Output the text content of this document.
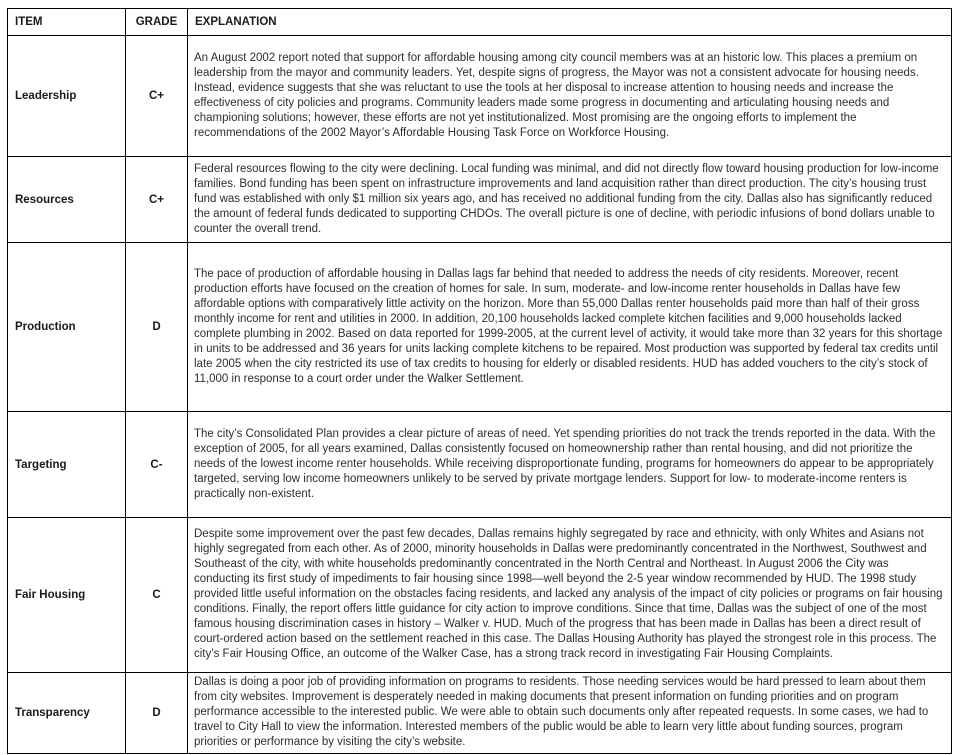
ITEM	GRADE	EXPLANATION
Leadership	C+	An August 2002 report noted that support for affordable housing among city council members was at an historic low. This places a premium on leadership from the mayor and community leaders. Yet, despite signs of progress, the Mayor was not a consistent advocate for housing needs. Instead, evidence suggests that she was reluctant to use the tools at her disposal to increase attention to housing needs and increase the effectiveness of city policies and programs. Community leaders made some progress in documenting and articulating housing needs and championing solutions; however, these efforts are not yet institutionalized. Most promising are the ongoing efforts to implement the recommendations of the 2002 Mayor’s Affordable Housing Task Force on Workforce Housing.
Resources	C+	Federal resources flowing to the city were declining. Local funding was minimal, and did not directly flow toward housing production for low-income families. Bond funding has been spent on infrastructure improvements and land acquisition rather than direct production. The city’s housing trust fund was established with only $1 million six years ago, and has received no additional funding from the city. Dallas also has significantly reduced the amount of federal funds dedicated to supporting CHDOs. The overall picture is one of decline, with periodic infusions of bond dollars unable to counter the overall trend.
Production	D	The pace of production of affordable housing in Dallas lags far behind that needed to address the needs of city residents. Moreover, recent production efforts have focused on the creation of homes for sale. In sum, moderate- and low-income renter households in Dallas have few affordable options with comparatively little activity on the horizon. More than 55,000 Dallas renter households paid more than half of their gross monthly income for rent and utilities in 2000. In addition, 20,100 households lacked complete kitchen facilities and 9,000 households lacked complete plumbing in 2002. Based on data reported for 1999-2005, at the current level of activity, it would take more than 32 years for this shortage in units to be addressed and 36 years for units lacking complete kitchens to be repaired. Most production was supported by federal tax credits until late 2005 when the city restricted its use of tax credits to housing for elderly or disabled residents. HUD has added vouchers to the city’s stock of 11,000 in response to a court order under the Walker Settlement.
Targeting	C-	The city’s Consolidated Plan provides a clear picture of areas of need. Yet spending priorities do not track the trends reported in the data. With the exception of 2005, for all years examined, Dallas consistently focused on homeownership rather than rental housing, and did not prioritize the needs of the lowest income renter households. While receiving disproportionate funding, programs for homeowners do appear to be appropriately targeted, serving low income homeowners unlikely to be served by private mortgage lenders. Support for low- to moderate-income renters is practically non-existent.
Fair Housing	C	Despite some improvement over the past few decades, Dallas remains highly segregated by race and ethnicity, with only Whites and Asians not highly segregated from each other. As of 2000, minority households in Dallas were predominantly concentrated in the Northwest, Southwest and Southeast of the city, with white households predominantly concentrated in the North Central and Northeast. In August 2006 the City was conducting its first study of impediments to fair housing since 1998—well beyond the 2-5 year window recommended by HUD. The 1998 study provided little useful information on the obstacles facing residents, and lacked any analysis of the impact of city policies or programs on fair housing conditions. Finally, the report offers little guidance for city action to improve conditions. Since that time, Dallas was the subject of one of the most famous housing discrimination cases in history – Walker v. HUD. Much of the progress that has been made in Dallas has been a direct result of court-ordered action based on the settlement reached in this case. The Dallas Housing Authority has played the strongest role in this process. The city’s Fair Housing Office, an outcome of the Walker Case, has a strong track record in investigating Fair Housing Complaints.
Transparency	D	Dallas is doing a poor job of providing information on programs to residents. Those needing services would be hard pressed to learn about them from city websites. Improvement is desperately needed in making documents that present information on funding priorities and on program performance accessible to the interested public. We were able to obtain such documents only after repeated requests. In some cases, we had to travel to City Hall to view the information. Interested members of the public would be able to learn very little about funding sources, program priorities or performance by visiting the city’s website.
